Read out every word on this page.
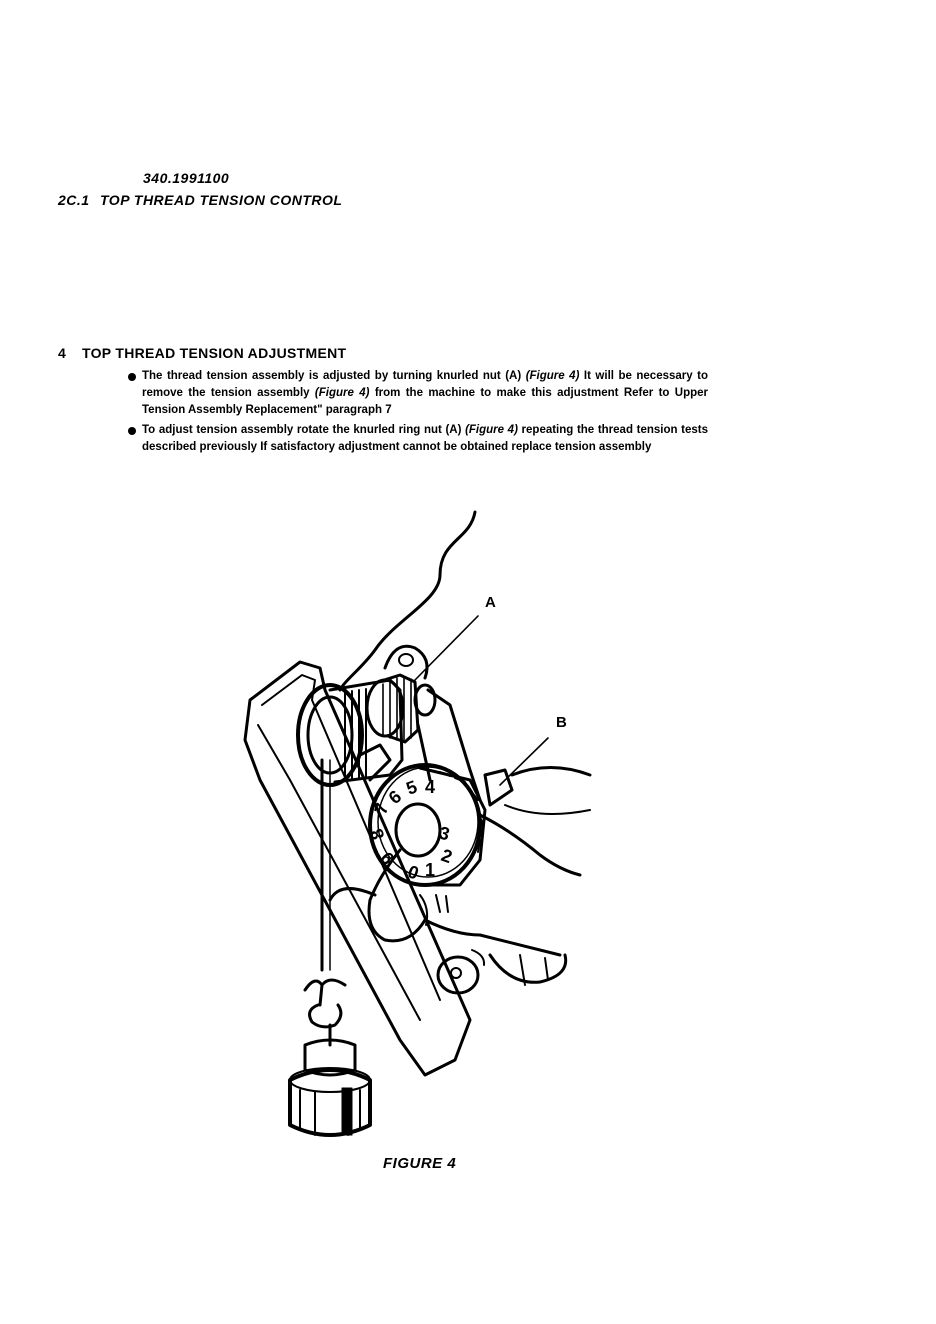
340.1991100
2C.1 TOP THREAD TENSION CONTROL
4 TOP THREAD TENSION ADJUSTMENT
The thread tension assembly is adjusted by turning knurled nut (A) (Figure 4) It will be necessary to remove the tension assembly (Figure 4) from the machine to make this adjustment Refer to Upper Tension Assembly Replacement" paragraph 7
To adjust tension assembly rotate the knurled ring nut (A) (Figure 4) repeating the thread tension tests described previously If satisfactory adjustment cannot be obtained replace tension assembly
6
5 4
3
2
1
0
9
8
7
A
B
FIGURE 4
